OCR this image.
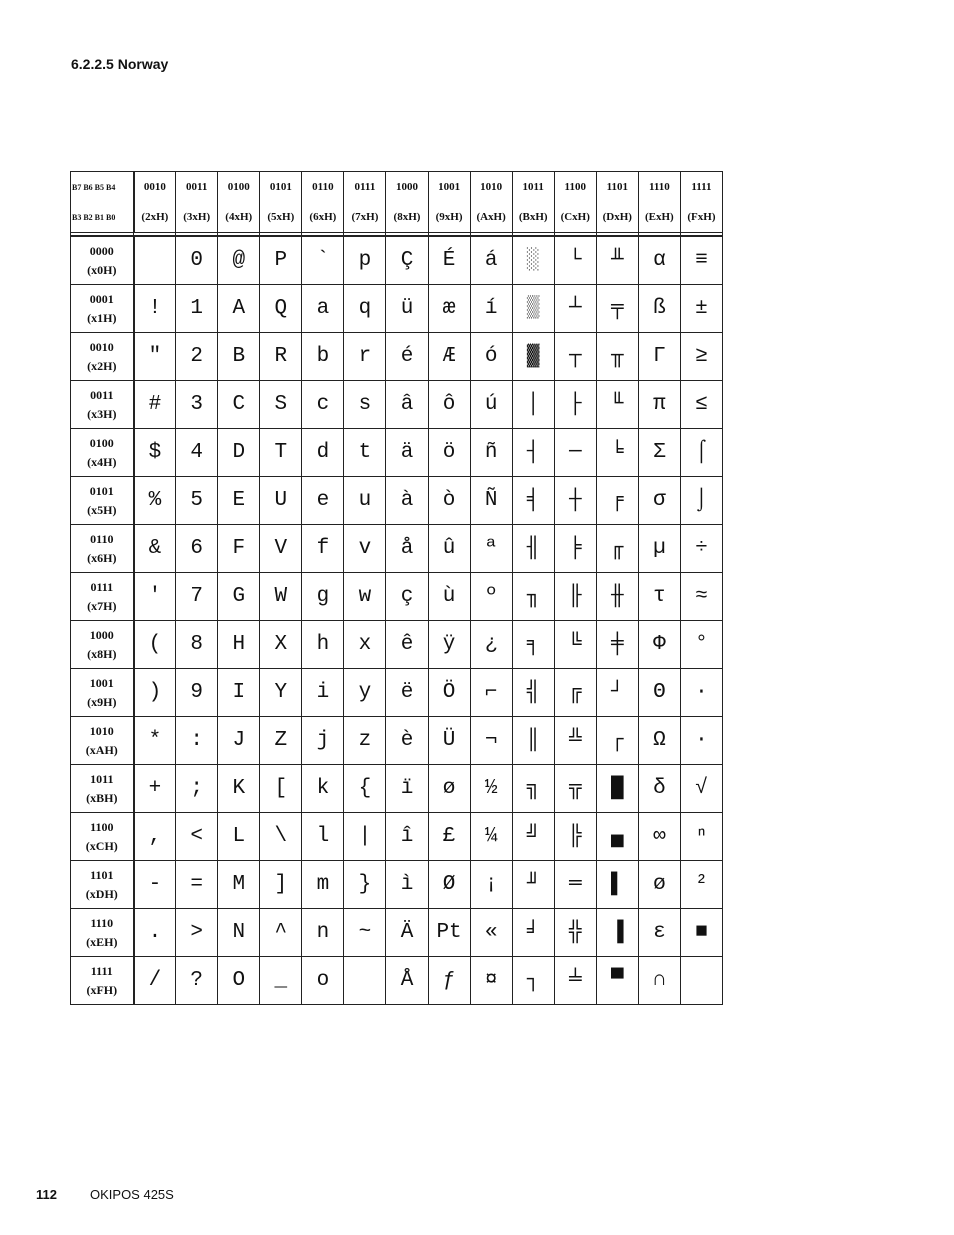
6.2.2.5 Norway
B7 B6 B5 B4	0010	0011	0100	0101	0110	0111	1000	1001	1010	1011	1100	1101	1110	1111
B3 B2 B1 B0	(2xH)	(3xH)	(4xH)	(5xH)	(6xH)	(7xH)	(8xH)	(9xH)	(AxH)	(BxH)	(CxH)	(DxH)	(ExH)	(FxH)

0000
(x0H)		0	@	P	`	p	Ç	É	á	░	└	╨	α	≡

0001
(x1H)	!	1	A	Q	a	q	ü	æ	í	▒	┴	╤	ß	±

0010
(x2H)	"	2	B	R	b	r	é	Æ	ó	▓	┬	╥	Γ	≥

0011
(x3H)	#	3	C	S	c	s	â	ô	ú	│	├	╙	π	≤

0100
(x4H)	$	4	D	T	d	t	ä	ö	ñ	┤	─	╘	Σ	⌠

0101
(x5H)	%	5	E	U	e	u	à	ò	Ñ	╡	┼	╒	σ	⌡

0110
(x6H)	&	6	F	V	f	v	å	û	ª	╢	╞	╓	µ	÷

0111
(x7H)	'	7	G	W	g	w	ç	ù	º	╖	╟	╫	τ	≈

1000
(x8H)	(	8	H	X	h	x	ê	ÿ	¿	╕	╚	╪	Φ	°

1001
(x9H)	)	9	I	Y	i	y	ë	Ö	⌐	╣	╔	┘	Θ	∙

1010
(xAH)	*	:	J	Z	j	z	è	Ü	¬	║	╩	┌	Ω	·

1011
(xBH)	+	;	K	[	k	{	ï	ø	½	╗	╦	█	δ	√

1100
(xCH)	,	<	L	\	l	|	î	£	¼	╝	╠	▄	∞	ⁿ

1101
(xDH)	-	=	M	]	m	}	ì	Ø	¡	╜	═	▌	ø	²

1110
(xEH)	.	>	N	^	n	~	Ä	Pt	«	╛	╬	▐	ε	■

1111
(xFH)	/	?	O	_	o		Å	ƒ	¤	┐	╧	▀	∩	
112	OKIPOS 425S
